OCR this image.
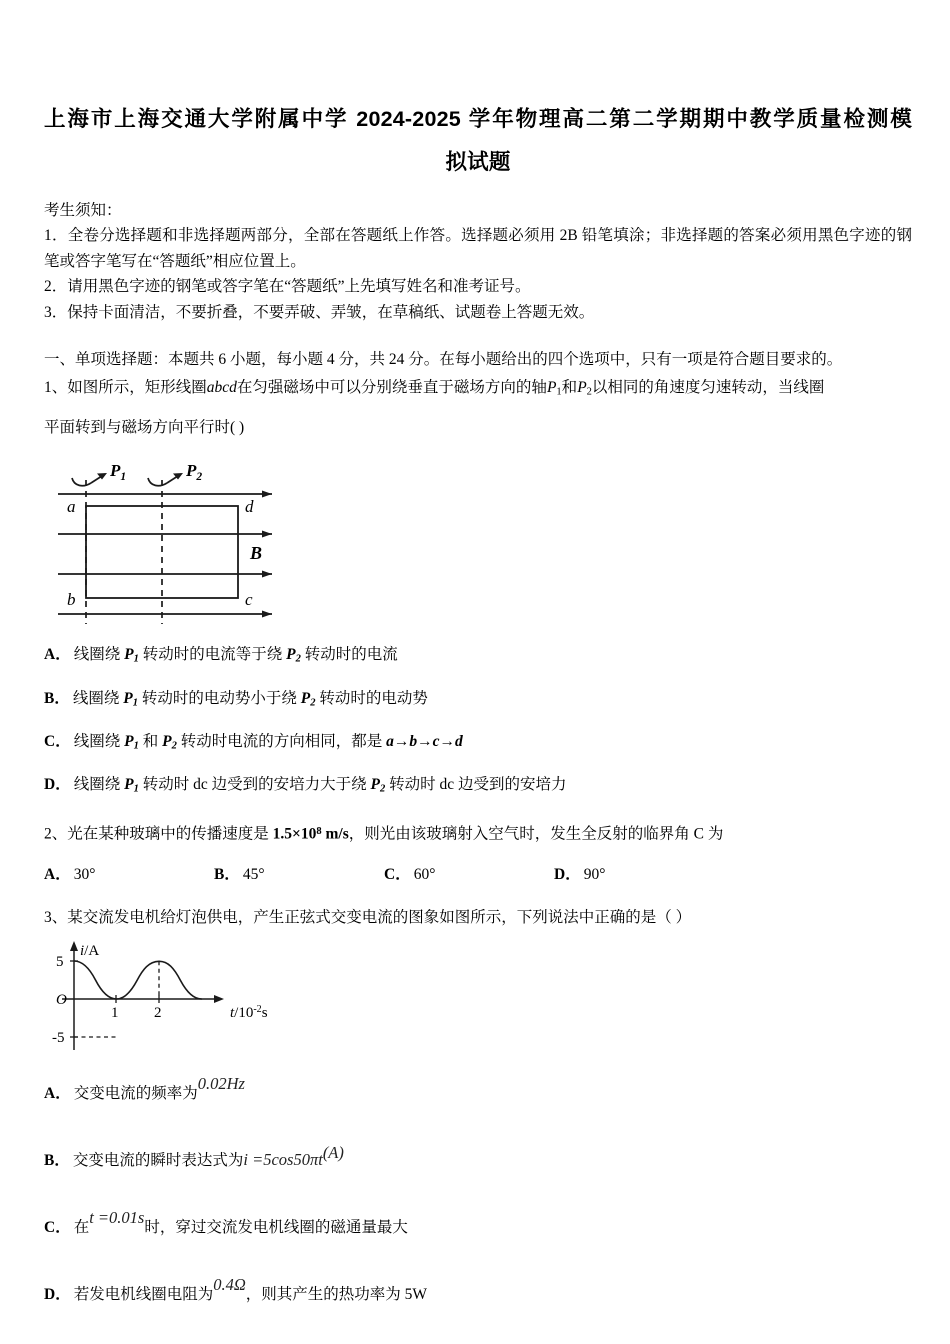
上海市上海交通大学附属中学 2024-2025 学年物理高二第二学期期中教学质量检测模
拟试题

考生须知：

1．全卷分选择题和非选择题两部分，全部在答题纸上作答。选择题必须用 2B 铅笔填涂；非选择题的答案必须用黑色字迹的钢笔或答字笔写在“答题纸”相应位置上。

2．请用黑色字迹的钢笔或答字笔在“答题纸”上先填写姓名和准考证号。

3．保持卡面清洁，不要折叠，不要弄破、弄皱，在草稿纸、试题卷上答题无效。

一、单项选择题：本题共 6 小题，每小题 4 分，共 24 分。在每小题给出的四个选项中，只有一项是符合题目要求的。

1、如图所示，矩形线圈abcd在匀强磁场中可以分别绕垂直于磁场方向的轴$P_1$和$P_2$以相同的角速度匀速转动，当线圈

平面转到与磁场方向平行时( )

$P_1$	$P_2$
a	d
b	c
B

A． 线圈绕 $P_1$ 转动时的电流等于绕 $P_2$ 转动时的电流

B． 线圈绕 $P_1$ 转动时的电动势小于绕 $P_2$ 转动时的电动势

C． 线圈绕 $P_1$ 和 $P_2$ 转动时电流的方向相同，都是 a→b→c→d

D． 线圈绕 $P_1$ 转动时 dc 边受到的安培力大于绕 $P_2$ 转动时 dc 边受到的安培力

2、光在某种玻璃中的传播速度是 $1.5\times 10^8$ m/s，则光由该玻璃射入空气时，发生全反射的临界角 C 为

A． 30°	B． 45°	C． 60°	D． 90°

3、某交流发电机给灯泡供电，产生正弦式交变电流的图象如图所示，下列说法中正确的是（ ）

i/A
5
-5
O
1 2	$t/10^{-2}s$

A． 交变电流的频率为0.02Hz

B． 交变电流的瞬时表达式为i =5cos50πt(A)

C． 在t =0.01s时，穿过交流发电机线圈的磁通量最大

D． 若发电机线圈电阻为0.4Ω，则其产生的热功率为 5W
